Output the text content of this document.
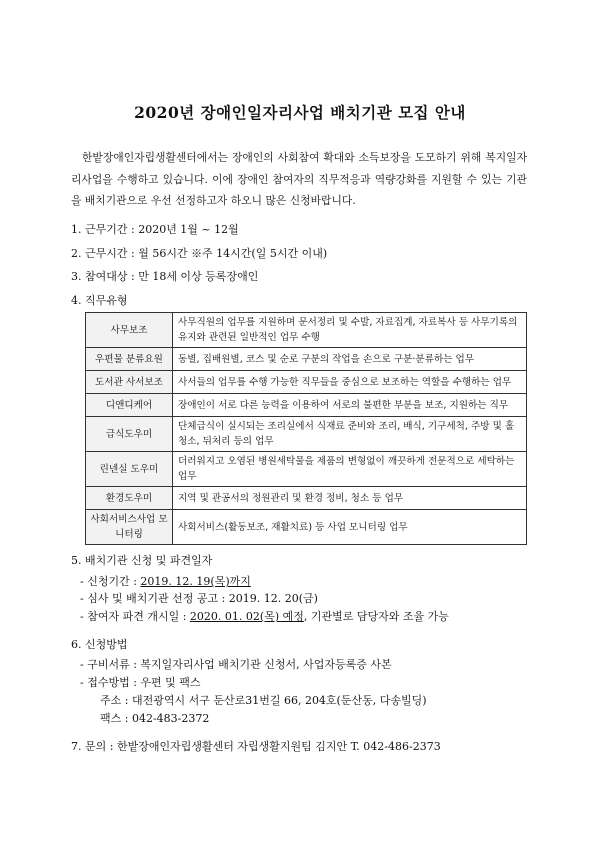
2020년 장애인일자리사업 배치기관 모집 안내

한밭장애인자립생활센터에서는 장애인의 사회참여 확대와 소득보장을 도모하기 위해 복지일자리사업을 수행하고 있습니다. 이에 장애인 참여자의 직무적응과 역량강화를 지원할 수 있는 기관을 배치기관으로 우선 선정하고자 하오니 많은 신청바랍니다.

1. 근무기간 : 2020년 1월 ~ 12월
2. 근무시간 : 월 56시간 ※주 14시간(일 5시간 이내)
3. 참여대상 : 만 18세 이상 등록장애인
4. 직무유형
사무보조	사무직원의 업무를 지원하며 문서정리 및 수발, 자료집계, 자료복사 등 사무기록의 유지와 관련된 일반적인 업무 수행
우편물 분류요원	동별, 집배원별, 코스 및 순로 구분의 작업을 손으로 구분·분류하는 업무
도서관 사서보조	사서들의 업무를 수행 가능한 직무들을 중심으로 보조하는 역할을 수행하는 업무
디앤디케어	장애인이 서로 다른 능력을 이용하여 서로의 불편한 부분을 보조, 지원하는 직무
급식도우미	단체급식이 실시되는 조리실에서 식재료 준비와 조리, 배식, 기구세척, 주방 및 홀 청소, 뒤처리 등의 업무
린넨실 도우미	더러워지고 오염된 병원세탁물을 제품의 변형없이 깨끗하게 전문적으로 세탁하는 업무
환경도우미	지역 및 관공서의 정원관리 및 환경 정비, 청소 등 업무
사회서비스사업 모니터링	사회서비스(활동보조, 재활치료) 등 사업 모니터링 업무
5. 배치기관 신청 및 파견일자
- 신청기간 : 2019. 12. 19(목)까지
- 심사 및 배치기관 선정 공고 : 2019. 12. 20(금)
- 참여자 파견 개시일 : 2020. 01. 02(목) 예정, 기관별로 담당자와 조율 가능
6. 신청방법
- 구비서류 : 복지일자리사업 배치기관 신청서, 사업자등록증 사본
- 접수방법 : 우편 및 팩스
주소 : 대전광역시 서구 둔산로31번길 66, 204호(둔산동, 다송빌딩)
팩스 : 042-483-2372
7. 문의 : 한밭장애인자립생활센터 자립생활지원팀 김지안 T. 042-486-2373
